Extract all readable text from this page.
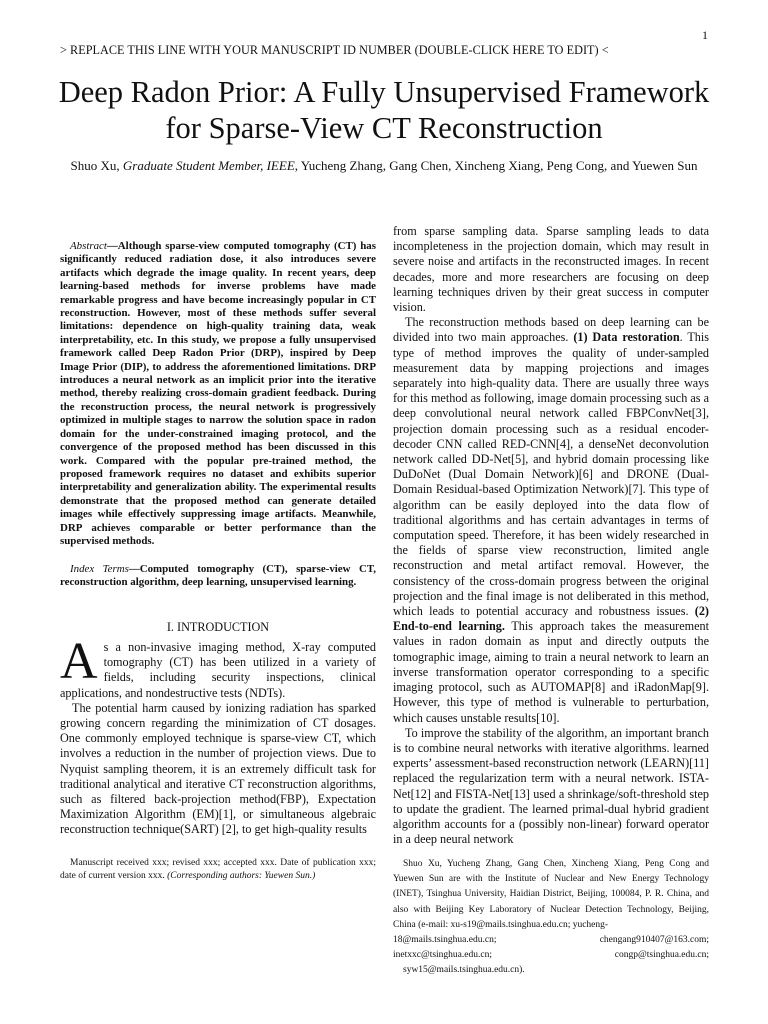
1
> REPLACE THIS LINE WITH YOUR MANUSCRIPT ID NUMBER (DOUBLE-CLICK HERE TO EDIT) <
Deep Radon Prior: A Fully Unsupervised Framework for Sparse-View CT Reconstruction
Shuo Xu, Graduate Student Member, IEEE, Yucheng Zhang, Gang Chen, Xincheng Xiang, Peng Cong, and Yuewen Sun

Abstract—Although sparse-view computed tomography (CT) has significantly reduced radiation dose, it also introduces severe artifacts which degrade the image quality. In recent years, deep learning-based methods for inverse problems have made remarkable progress and have become increasingly popular in CT reconstruction. However, most of these methods suffer several limitations: dependence on high-quality training data, weak interpretability, etc. In this study, we propose a fully unsupervised framework called Deep Radon Prior (DRP), inspired by Deep Image Prior (DIP), to address the aforementioned limitations. DRP introduces a neural network as an implicit prior into the iterative method, thereby realizing cross-domain gradient feedback. During the reconstruction process, the neural network is progressively optimized in multiple stages to narrow the solution space in radon domain for the under-constrained imaging protocol, and the convergence of the proposed method has been discussed in this work. Compared with the popular pre-trained method, the proposed framework requires no dataset and exhibits superior interpretability and generalization ability. The experimental results demonstrate that the proposed method can generate detailed images while effectively suppressing image artifacts. Meanwhile, DRP achieves comparable or better performance than the supervised methods.

Index Terms—Computed tomography (CT), sparse-view CT, reconstruction algorithm, deep learning, unsupervised learning.

I. INTRODUCTION

As a non-invasive imaging method, X-ray computed tomography (CT) has been utilized in a variety of fields, including security inspections, clinical applications, and nondestructive tests (NDTs).

The potential harm caused by ionizing radiation has sparked growing concern regarding the minimization of CT dosages. One commonly employed technique is sparse-view CT, which involves a reduction in the number of projection views. Due to Nyquist sampling theorem, it is an extremely difficult task for traditional analytical and iterative CT reconstruction algorithms, such as filtered back-projection method(FBP), Expectation Maximization Algorithm (EM)[1], or simultaneous algebraic reconstruction technique(SART) [2], to get high-quality results

from sparse sampling data. Sparse sampling leads to data incompleteness in the projection domain, which may result in severe noise and artifacts in the reconstructed images. In recent decades, more and more researchers are focusing on deep learning techniques driven by their great success in computer vision.

The reconstruction methods based on deep learning can be divided into two main approaches. (1) Data restoration. This type of method improves the quality of under-sampled measurement data by mapping projections and images separately into high-quality data. There are usually three ways for this method as following, image domain processing such as a deep convolutional neural network called FBPConvNet[3], projection domain processing such as a residual encoder-decoder CNN called RED-CNN[4], a denseNet deconvolution network called DD-Net[5], and hybrid domain processing like DuDoNet (Dual Domain Network)[6] and DRONE (Dual-Domain Residual-based Optimization Network)[7]. This type of algorithm can be easily deployed into the data flow of traditional algorithms and has certain advantages in terms of computation speed. Therefore, it has been widely researched in the fields of sparse view reconstruction, limited angle reconstruction and metal artifact removal. However, the consistency of the cross-domain progress between the original projection and the final image is not deliberated in this method, which leads to potential accuracy and robustness issues. (2) End-to-end learning. This approach takes the measurement values in radon domain as input and directly outputs the tomographic image, aiming to train a neural network to learn an inverse transformation operator corresponding to a specific imaging protocol, such as AUTOMAP[8] and iRadonMap[9]. However, this type of method is vulnerable to perturbation, which causes unstable results[10].

To improve the stability of the algorithm, an important branch is to combine neural networks with iterative algorithms. learned experts’ assessment-based reconstruction network (LEARN)[11] replaced the regularization term with a neural network. ISTA-Net[12] and FISTA-Net[13] used a shrinkage/soft-threshold step to update the gradient. The learned primal-dual hybrid gradient algorithm accounts for a (possibly non-linear) forward operator in a deep neural network

Manuscript received xxx; revised xxx; accepted xxx. Date of publication xxx; date of current version xxx. (Corresponding authors: Yuewen Sun.)

Shuo Xu, Yucheng Zhang, Gang Chen, Xincheng Xiang, Peng Cong and Yuewen Sun are with the Institute of Nuclear and New Energy Technology (INET), Tsinghua University, Haidian District, Beijing, 100084, P. R. China, and also with Beijing Key Laboratory of Nuclear Detection Technology, Beijing, China (e-mail: xu-s19@mails.tsinghua.edu.cn; yucheng-

18@mails.tsinghua.edu.cn;	chengang910407@163.com;
inetxxc@tsinghua.edu.cn;	congp@tsinghua.edu.cn;
syw15@mails.tsinghua.edu.cn).
